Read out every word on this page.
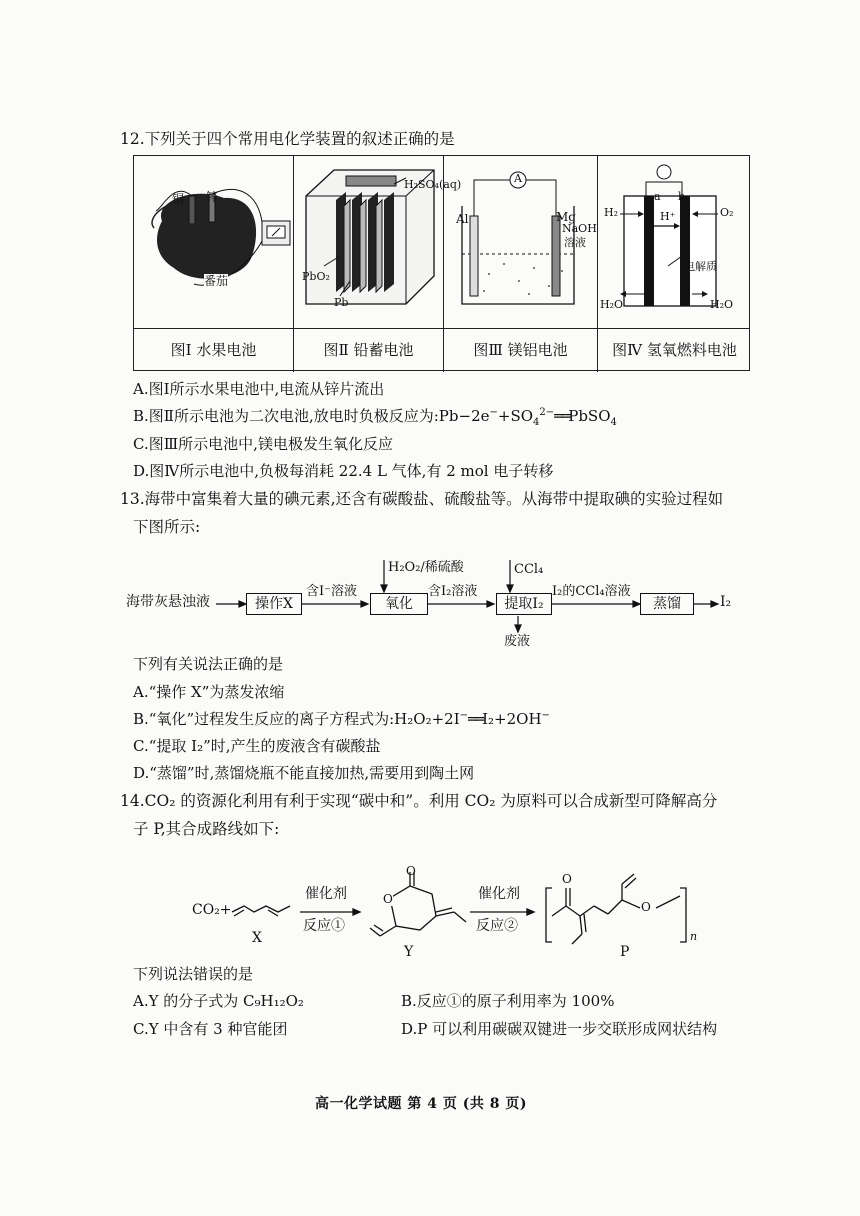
12.下列关于四个常用电化学装置的叙述正确的是
铜 锌
番茄
图Ⅰ 水果电池
H₂SO₄(aq)
PbO₂
Pb
图Ⅱ 铅蓄电池
A
Al	Mg
NaOH
溶液
图Ⅲ 镁铝电池
a b
H₂	O₂
H⁺
电解质
H₂O	H₂O
图Ⅳ 氢氧燃料电池
A.图Ⅰ所示水果电池中,电流从锌片流出
B.图Ⅱ所示电池为二次电池,放电时负极反应为$:Pb-2e^-+SO_4^{2-}══PbSO_4$
C.图Ⅲ所示电池中,镁电极发生氧化反应
D.图Ⅳ所示电池中,负极每消耗 22.4 L 气体,有 2 mol 电子转移
13.海带中富集着大量的碘元素,还含有碳酸盐、硫酸盐等。从海带中提取碘的实验过程如
下图所示:
海带灰悬浊液	操作X
含I⁻溶液
H₂O₂/稀硫酸
氧化
含I₂溶液
CCl₄
提取I₂
废液
I₂的CCl₄溶液
蒸馏	I₂
下列有关说法正确的是
A.“操作 X”为蒸发浓缩
B.“氧化”过程发生反应的离子方程式为:H₂O₂+2I−══I₂+2OH−
C.“提取 I₂”时,产生的废液含有碳酸盐
D.“蒸馏”时,蒸馏烧瓶不能直接加热,需要用到陶土网
14.CO₂ 的资源化利用有利于实现“碳中和”。利用 CO₂ 为原料可以合成新型可降解高分
子 P,其合成路线如下:
CO₂+
X
催化剂
反应①
O
O
Y
催化剂
反应②
O
O
n
P
下列说法错误的是
A.Y 的分子式为 C₉H₁₂O₂	B.反应①的原子利用率为 100%
C.Y 中含有 3 种官能团	D.P 可以利用碳碳双键进一步交联形成网状结构
高一化学试题 第 4 页 (共 8 页)
